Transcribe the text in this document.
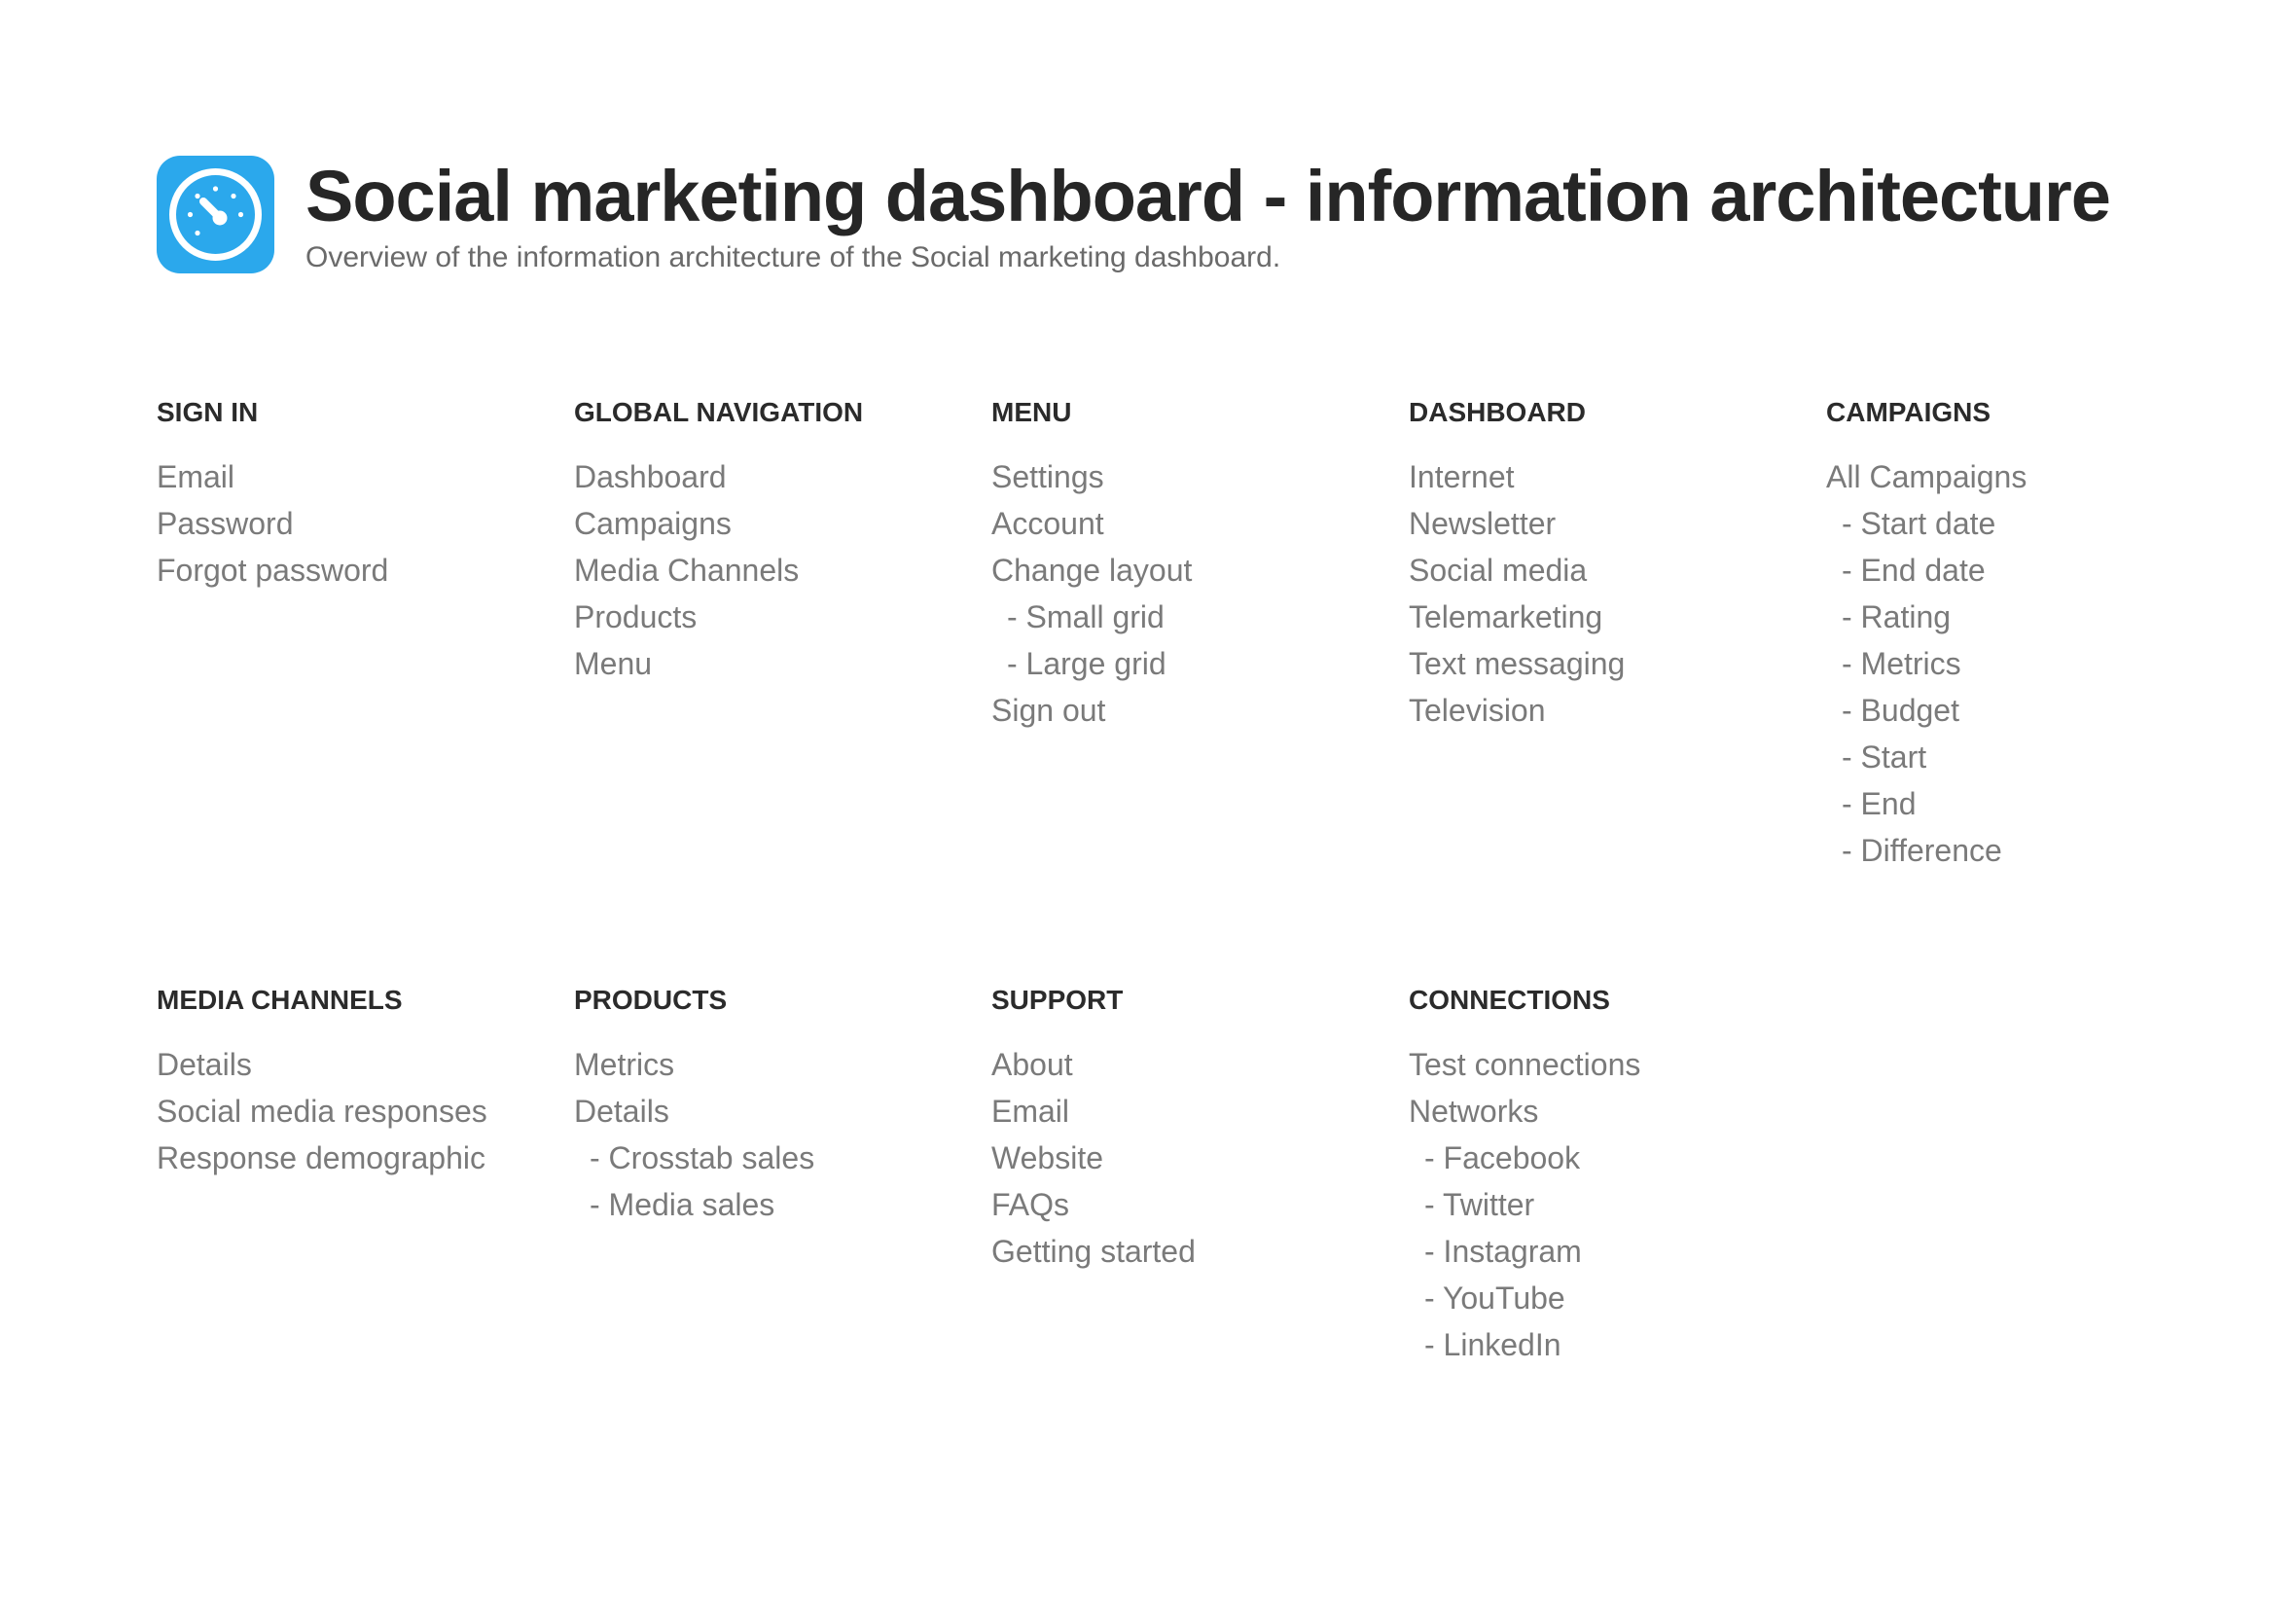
Social marketing dashboard - information architecture
Overview of the information architecture of the Social marketing dashboard.
SIGN IN
Email
Password
Forgot password
GLOBAL NAVIGATION
Dashboard
Campaigns
Media Channels
Products
Menu
MENU
Settings
Account
Change layout
- Small grid
- Large grid
Sign out
DASHBOARD
Internet
Newsletter
Social media
Telemarketing
Text messaging
Television
CAMPAIGNS
All Campaigns
- Start date
- End date
- Rating
- Metrics
- Budget
- Start
- End
- Difference
MEDIA CHANNELS
Details
Social media responses
Response demographic
PRODUCTS
Metrics
Details
- Crosstab sales
- Media sales
SUPPORT
About
Email
Website
FAQs
Getting started
CONNECTIONS
Test connections
Networks
- Facebook
- Twitter
- Instagram
- YouTube
- LinkedIn
